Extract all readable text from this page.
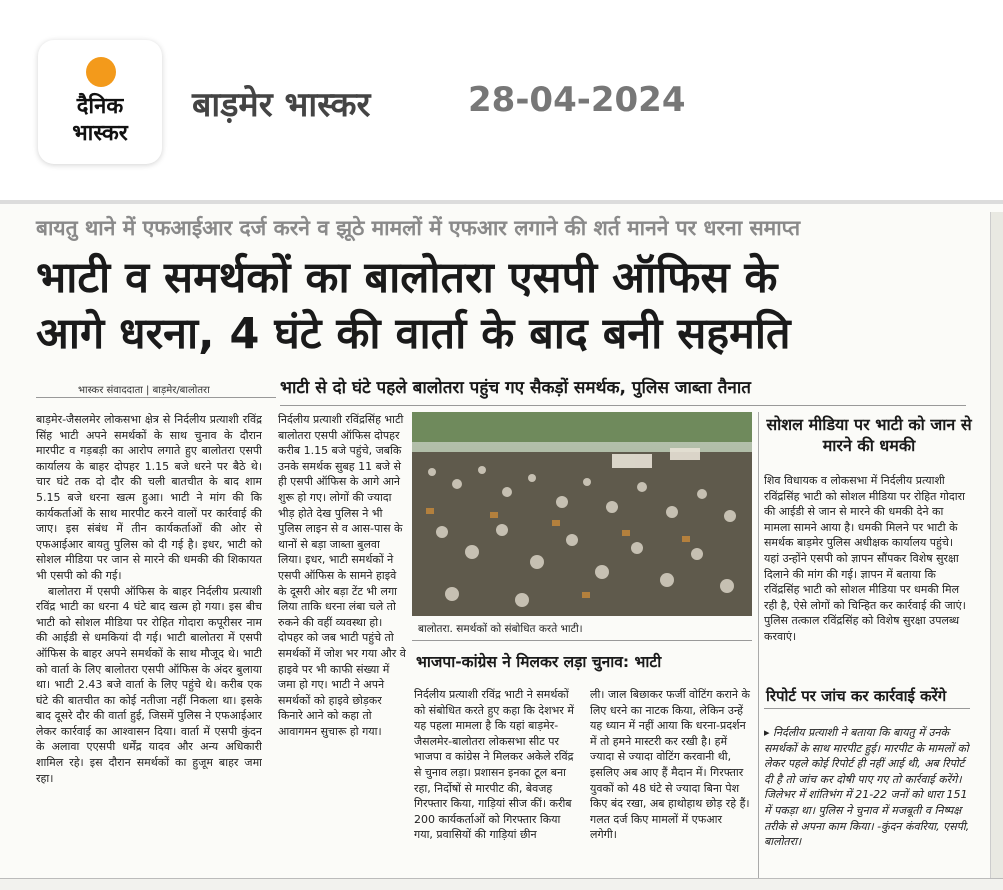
दैनिक
भास्कर
बाड़मेर भास्कर	28-04-2024
बायतु थाने में एफआईआर दर्ज करने व झूठे मामलों में एफआर लगाने की शर्त मानने पर धरना समाप्त
भाटी व समर्थकों का बालोतरा एसपी ऑफिस के
आगे धरना, 4 घंटे की वार्ता के बाद बनी सहमति
भास्कर संवाददाता | बाड़मेर/बालोतरा	भाटी से दो घंटे पहले बालोतरा पहुंच गए सैकड़ों समर्थक, पुलिस जाब्ता तैनात

बाड़मेर-जैसलमेर लोकसभा क्षेत्र से निर्दलीय प्रत्याशी रविंद्र सिंह भाटी अपने समर्थकों के साथ चुनाव के दौरान मारपीट व गड़बड़ी का आरोप लगाते हुए बालोतरा एसपी कार्यालय के बाहर दोपहर 1.15 बजे धरने पर बैठे थे। चार घंटे तक दो दौर की चली बातचीत के बाद शाम 5.15 बजे धरना खत्म हुआ। भाटी ने मांग की कि कार्यकर्ताओं के साथ मारपीट करने वालों पर कार्रवाई की जाए। इस संबंध में तीन कार्यकर्ताओं की ओर से एफआईआर बायतु पुलिस को दी गई है। इधर, भाटी को सोशल मीडिया पर जान से मारने की धमकी की शिकायत भी एसपी को की गई।

बालोतरा में एसपी ऑफिस के बाहर निर्दलीय प्रत्याशी रविंद्र भाटी का धरना 4 घंटे बाद खत्म हो गया। इस बीच भाटी को सोशल मीडिया पर रोहित गोदारा कपूरीसर नाम की आईडी से धमकियां दी गई। भाटी बालोतरा में एसपी ऑफिस के बाहर अपने समर्थकों के साथ मौजूद थे। भाटी को वार्ता के लिए बालोतरा एसपी ऑफिस के अंदर बुलाया था। भाटी 2.43 बजे वार्ता के लिए पहुंचे थे। करीब एक घंटे की बातचीत का कोई नतीजा नहीं निकला था। इसके बाद दूसरे दौर की वार्ता हुई, जिसमें पुलिस ने एफआईआर लेकर कार्रवाई का आश्वासन दिया। वार्ता में एसपी कुंदन के अलावा एएसपी धर्मेंद्र यादव और अन्य अधिकारी शामिल रहे। इस दौरान समर्थकों का हुजूम बाहर जमा रहा।

निर्दलीय प्रत्याशी रविंद्रसिंह भाटी बालोतरा एसपी ऑफिस दोपहर करीब 1.15 बजे पहुंचे, जबकि उनके समर्थक सुबह 11 बजे से ही एसपी ऑफिस के आगे आने शुरू हो गए। लोगों की ज्यादा भीड़ होते देख पुलिस ने भी पुलिस लाइन से व आस-पास के थानों से बड़ा जाब्ता बुलवा लिया। इधर, भाटी समर्थकों ने एसपी ऑफिस के सामने हाइवे के दूसरी ओर बड़ा टेंट भी लगा लिया ताकि धरना लंबा चले तो रुकने की वहीं व्यवस्था हो। दोपहर को जब भाटी पहुंचे तो समर्थकों में जोश भर गया और वे हाइवे पर भी काफी संख्या में जमा हो गए। भाटी ने अपने समर्थकों को हाइवे छोड़कर किनारे आने को कहा तो आवागमन सुचारू हो गया।

बालोतरा. समर्थकों को संबोधित करते भाटी।
भाजपा-कांग्रेस ने मिलकर लड़ा चुनाव: भाटी

निर्दलीय प्रत्याशी रविंद्र भाटी ने समर्थकों को संबोधित करते हुए कहा कि देशभर में यह पहला मामला है कि यहां बाड़मेर-जैसलमेर-बालोतरा लोकसभा सीट पर भाजपा व कांग्रेस ने मिलकर अकेले रविंद्र से चुनाव लड़ा। प्रशासन इनका टूल बना रहा, निर्दोषों से मारपीट की, बेवजह गिरफ्तार किया, गाड़ियां सीज कीं। करीब 200 कार्यकर्ताओं को गिरफ्तार किया गया, प्रवासियों की गाड़ियां छीन

ली। जाल बिछाकर फर्जी वोटिंग कराने के लिए धरने का नाटक किया, लेकिन उन्हें यह ध्यान में नहीं आया कि धरना-प्रदर्शन में तो हमने मास्टरी कर रखी है। हमें ज्यादा से ज्यादा वोटिंग करवानी थी, इसलिए अब आए हैं मैदान में। गिरफ्तार युवकों को 48 घंटे से ज्यादा बिना पेश किए बंद रखा, अब हाथोहाथ छोड़ रहे हैं। गलत दर्ज किए मामलों में एफआर लगेगी।

सोशल मीडिया पर भाटी को जान से मारने की धमकी

शिव विधायक व लोकसभा में निर्दलीय प्रत्याशी रविंद्रसिंह भाटी को सोशल मीडिया पर रोहित गोदारा की आईडी से जान से मारने की धमकी देने का मामला सामने आया है। धमकी मिलने पर भाटी के समर्थक बाड़मेर पुलिस अधीक्षक कार्यालय पहुंचे। यहां उन्होंने एसपी को ज्ञापन सौंपकर विशेष सुरक्षा दिलाने की मांग की गई। ज्ञापन में बताया कि रविंद्रसिंह भाटी को सोशल मीडिया पर धमकी मिल रही है, ऐसे लोगों को चिन्हित कर कार्रवाई की जाएं। पुलिस तत्काल रविंद्रसिंह को विशेष सुरक्षा उपलब्ध करवाएं।

रिपोर्ट पर जांच कर कार्रवाई करेंगे

▸ निर्दलीय प्रत्याशी ने बताया कि बायतु में उनके समर्थकों के साथ मारपीट हुई। मारपीट के मामलों को लेकर पहले कोई रिपोर्ट ही नहीं आई थी, अब रिपोर्ट दी है तो जांच कर दोषी पाए गए तो कार्रवाई करेंगे। जिलेभर में शांतिभंग में 21-22 जनों को धारा 151 में पकड़ा था। पुलिस ने चुनाव में मजबूती व निष्पक्ष तरीके से अपना काम किया। -कुंदन कंवरिया, एसपी, बालोतरा।
